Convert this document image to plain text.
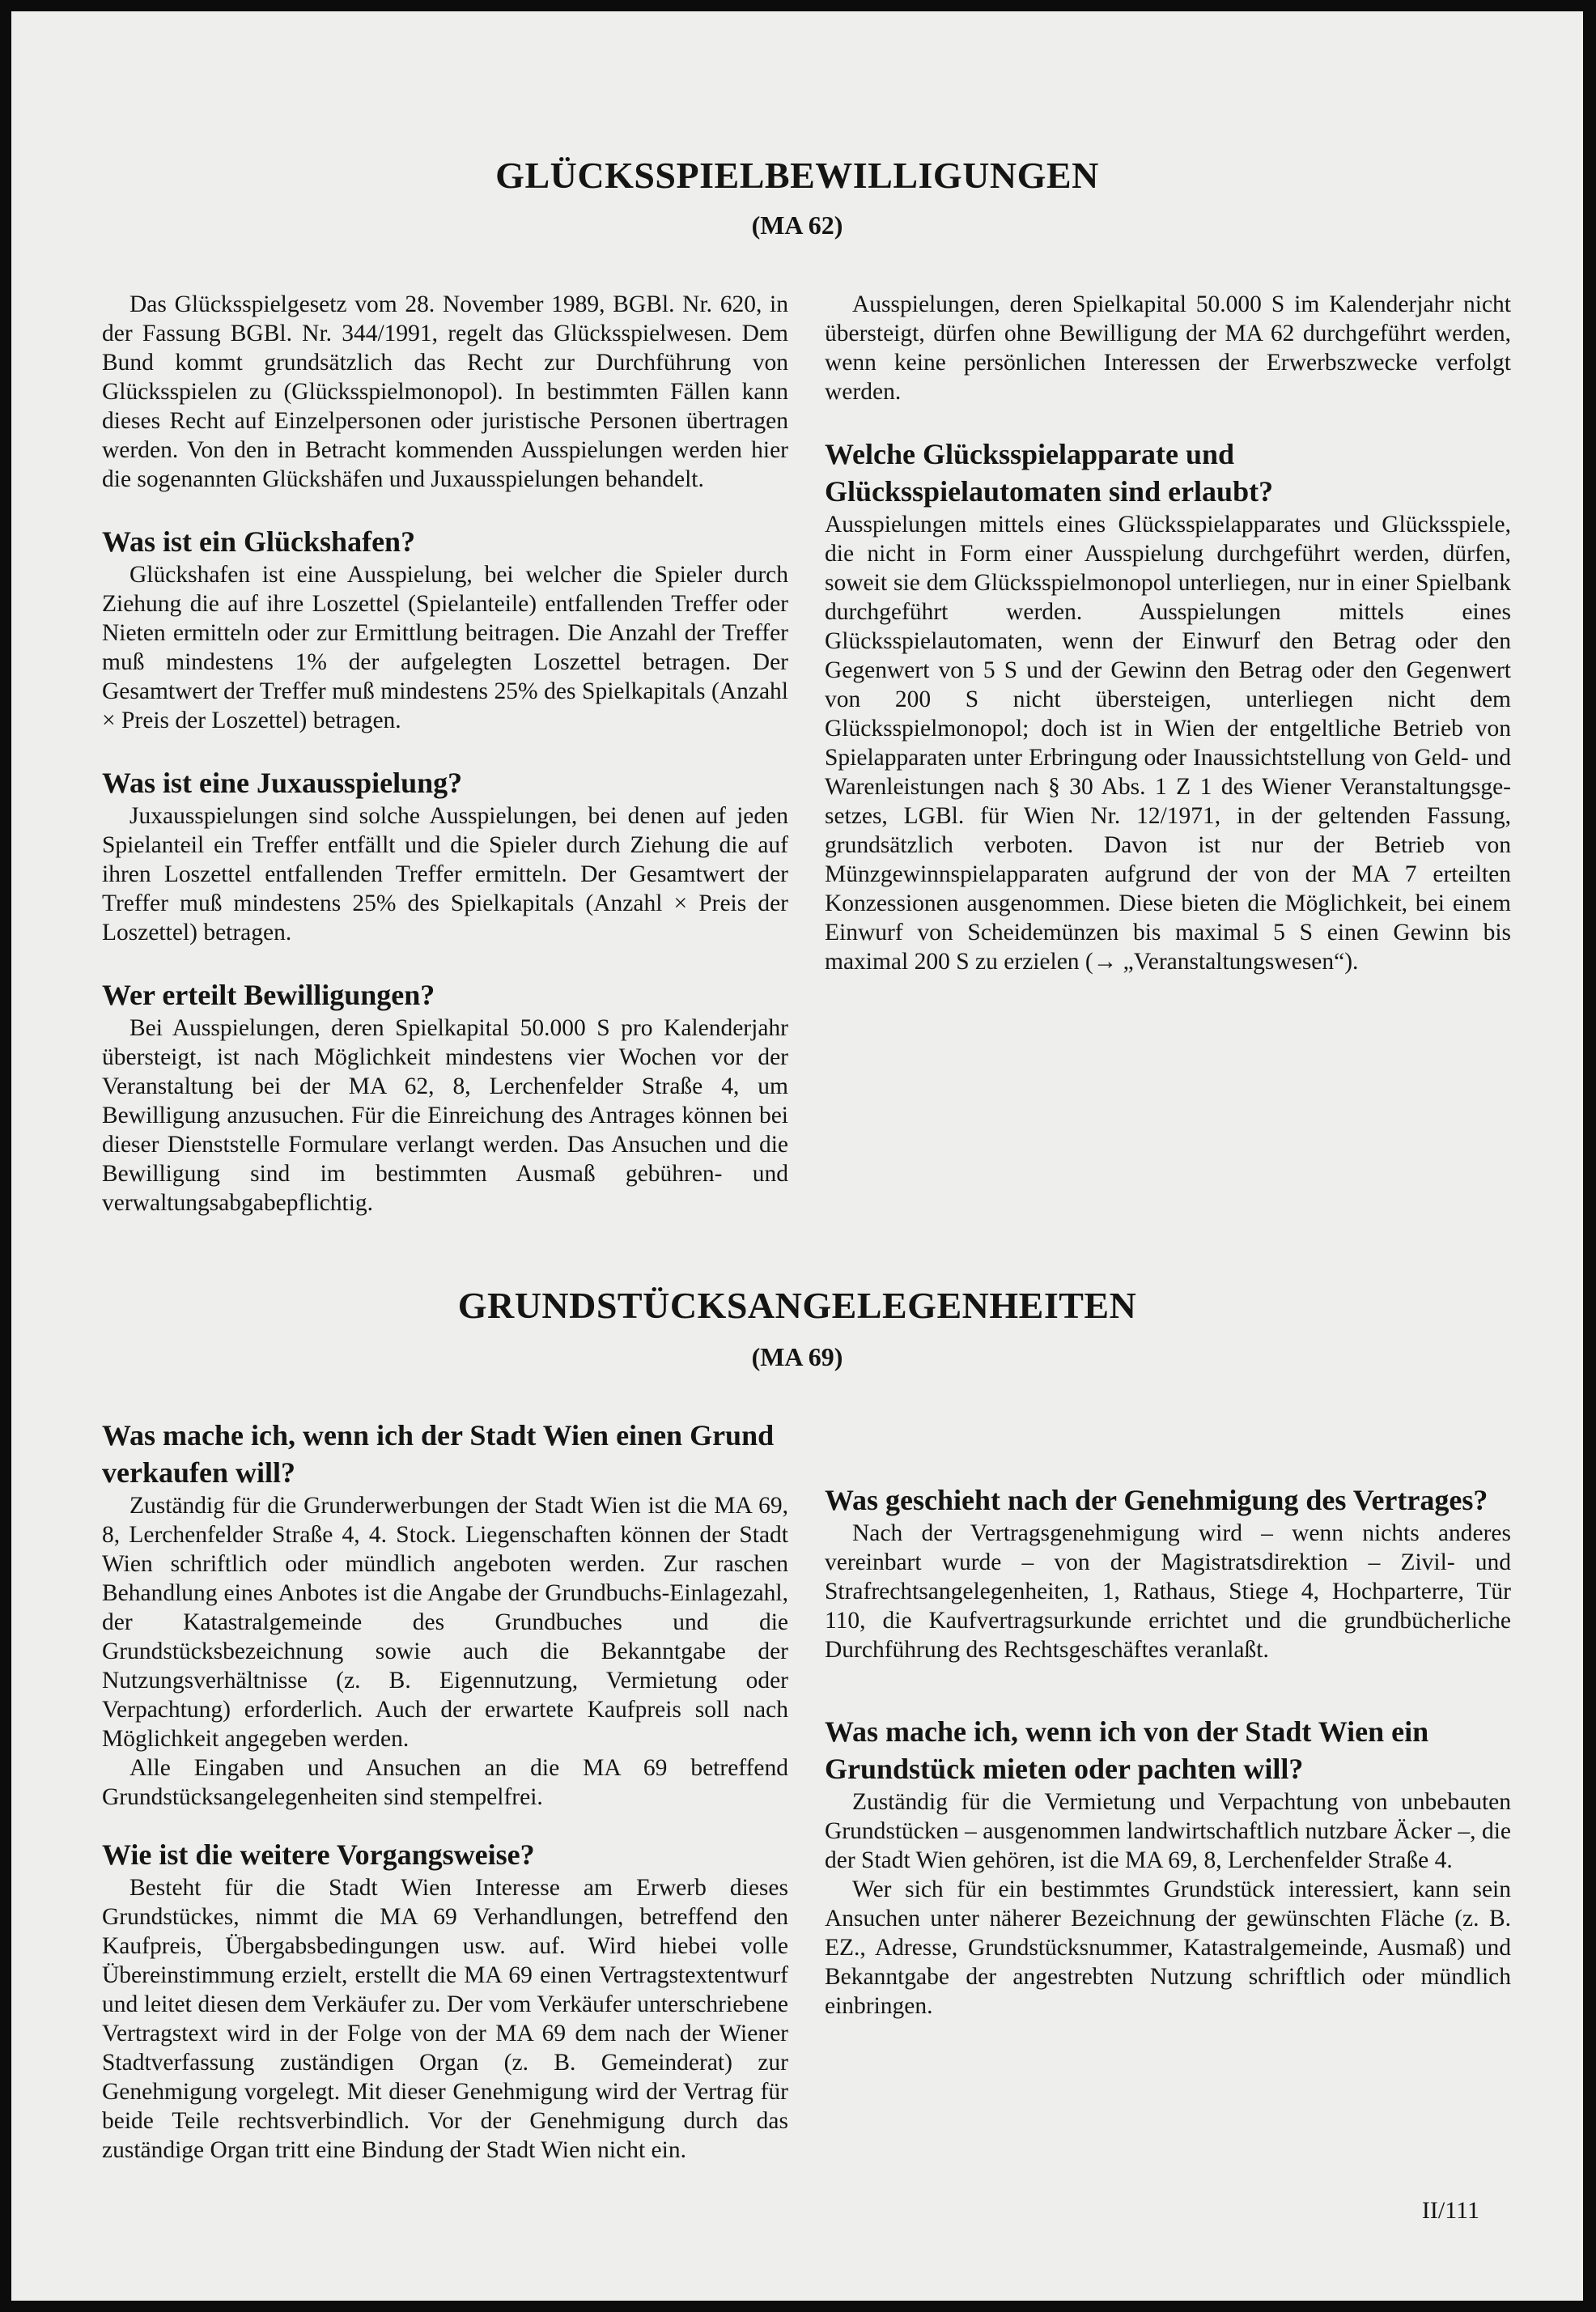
GLÜCKSSPIELBEWILLIGUNGEN
(MA 62)

Das Glücksspielgesetz vom 28. November 1989, BGBl. Nr. 620, in der Fassung BGBl. Nr. 344/1991, regelt das Glücksspielwesen. Dem Bund kommt grundsätzlich das Recht zur Durchführung von Glücksspielen zu (Glücksspielmonopol). In bestimmten Fällen kann dieses Recht auf Einzelpersonen oder juristische Personen übertragen werden. Von den in Betracht kommenden Ausspielungen werden hier die sogenannten Glückshäfen und Juxausspielungen behandelt.

Was ist ein Glückshafen?

Glückshafen ist eine Ausspielung, bei welcher die Spieler durch Ziehung die auf ihre Loszettel (Spielanteile) entfallenden Treffer oder Nieten ermitteln oder zur Ermittlung beitragen. Die Anzahl der Treffer muß mindestens 1% der aufgelegten Loszettel betragen. Der Gesamtwert der Treffer muß mindestens 25% des Spielkapitals (Anzahl × Preis der Loszettel) betragen.

Was ist eine Juxausspielung?

Juxausspielungen sind solche Ausspielungen, bei denen auf jeden Spielanteil ein Treffer entfällt und die Spieler durch Ziehung die auf ihren Loszettel entfallenden Treffer ermitteln. Der Gesamtwert der Treffer muß mindestens 25% des Spielkapitals (Anzahl × Preis der Loszettel) betragen.

Wer erteilt Bewilligungen?

Bei Ausspielungen, deren Spielkapital 50.000 S pro Kalenderjahr übersteigt, ist nach Möglichkeit mindestens vier Wochen vor der Veranstaltung bei der MA 62, 8, Lerchenfelder Straße 4, um Bewilligung anzusuchen. Für die Einreichung des Antrages können bei dieser Dienststelle Formulare verlangt werden. Das Ansuchen und die Bewilligung sind im bestimmten Ausmaß gebühren- und verwaltungsabgabepflichtig.

Ausspielungen, deren Spielkapital 50.000 S im Kalenderjahr nicht übersteigt, dürfen ohne Bewilligung der MA 62 durchgeführt werden, wenn keine persönlichen Interessen der Erwerbszwecke verfolgt werden.

Welche Glücksspielapparate und Glücksspielautomaten sind erlaubt?

Ausspielungen mittels eines Glücksspielapparates und Glücksspiele, die nicht in Form einer Ausspielung durchgeführt werden, dürfen, soweit sie dem Glücksspielmonopol unterliegen, nur in einer Spielbank durchgeführt werden. Ausspielungen mittels eines Glücksspielautomaten, wenn der Einwurf den Betrag oder den Gegenwert von 5 S und der Gewinn den Betrag oder den Gegenwert von 200 S nicht übersteigen, unterliegen nicht dem Glücksspielmonopol; doch ist in Wien der entgeltliche Betrieb von Spielapparaten unter Erbringung oder Inaussichtstellung von Geld- und Warenleistungen nach § 30 Abs. 1 Z 1 des Wiener Veranstaltungsgesetzes, LGBl. für Wien Nr. 12/1971, in der geltenden Fassung, grundsätzlich verboten. Davon ist nur der Betrieb von Münzgewinnspielapparaten aufgrund der von der MA 7 erteilten Konzessionen ausgenommen. Diese bieten die Möglichkeit, bei einem Einwurf von Scheidemünzen bis maximal 5 S einen Gewinn bis maximal 200 S zu erzielen (→ „Veranstaltungswesen“).

GRUNDSTÜCKSANGELEGENHEITEN
(MA 69)
Was mache ich, wenn ich der Stadt Wien einen Grund verkaufen will?

Zuständig für die Grunderwerbungen der Stadt Wien ist die MA 69, 8, Lerchenfelder Straße 4, 4. Stock. Liegenschaften können der Stadt Wien schriftlich oder mündlich angeboten werden. Zur raschen Behandlung eines Anbotes ist die Angabe der Grundbuchs-Einlagezahl, der Katastralgemeinde des Grundbuches und die Grundstücksbezeichnung sowie auch die Bekanntgabe der Nutzungsverhältnisse (z. B. Eigennutzung, Vermietung oder Verpachtung) erforderlich. Auch der erwartete Kaufpreis soll nach Möglichkeit angegeben werden.

Alle Eingaben und Ansuchen an die MA 69 betreffend Grundstücksangelegenheiten sind stempelfrei.

Wie ist die weitere Vorgangsweise?

Besteht für die Stadt Wien Interesse am Erwerb dieses Grundstückes, nimmt die MA 69 Verhandlungen, betreffend den Kaufpreis, Übergabsbedingungen usw. auf. Wird hiebei volle Übereinstimmung erzielt, erstellt die MA 69 einen Vertragstextentwurf und leitet diesen dem Verkäufer zu. Der vom Verkäufer unterschriebene Vertragstext wird in der Folge von der MA 69 dem nach der Wiener Stadtverfassung zuständigen Organ (z. B. Gemeinderat) zur Genehmigung vorgelegt. Mit dieser Genehmigung wird der Vertrag für beide Teile rechtsverbindlich. Vor der Genehmigung durch das zuständige Organ tritt eine Bindung der Stadt Wien nicht ein.

Was geschieht nach der Genehmigung des Vertrages?

Nach der Vertragsgenehmigung wird – wenn nichts anderes vereinbart wurde – von der Magistratsdirektion – Zivil- und Strafrechtsangelegenheiten, 1, Rathaus, Stiege 4, Hochparterre, Tür 110, die Kaufvertragsurkunde errichtet und die grundbücherliche Durchführung des Rechtsgeschäftes veranlaßt.

Was mache ich, wenn ich von der Stadt Wien ein Grundstück mieten oder pachten will?

Zuständig für die Vermietung und Verpachtung von unbebauten Grundstücken – ausgenommen landwirtschaftlich nutzbare Äcker –, die der Stadt Wien gehören, ist die MA 69, 8, Lerchenfelder Straße 4.

Wer sich für ein bestimmtes Grundstück interessiert, kann sein Ansuchen unter näherer Bezeichnung der gewünschten Fläche (z. B. EZ., Adresse, Grundstücksnummer, Katastralgemeinde, Ausmaß) und Bekanntgabe der angestrebten Nutzung schriftlich oder mündlich einbringen.

II/111
